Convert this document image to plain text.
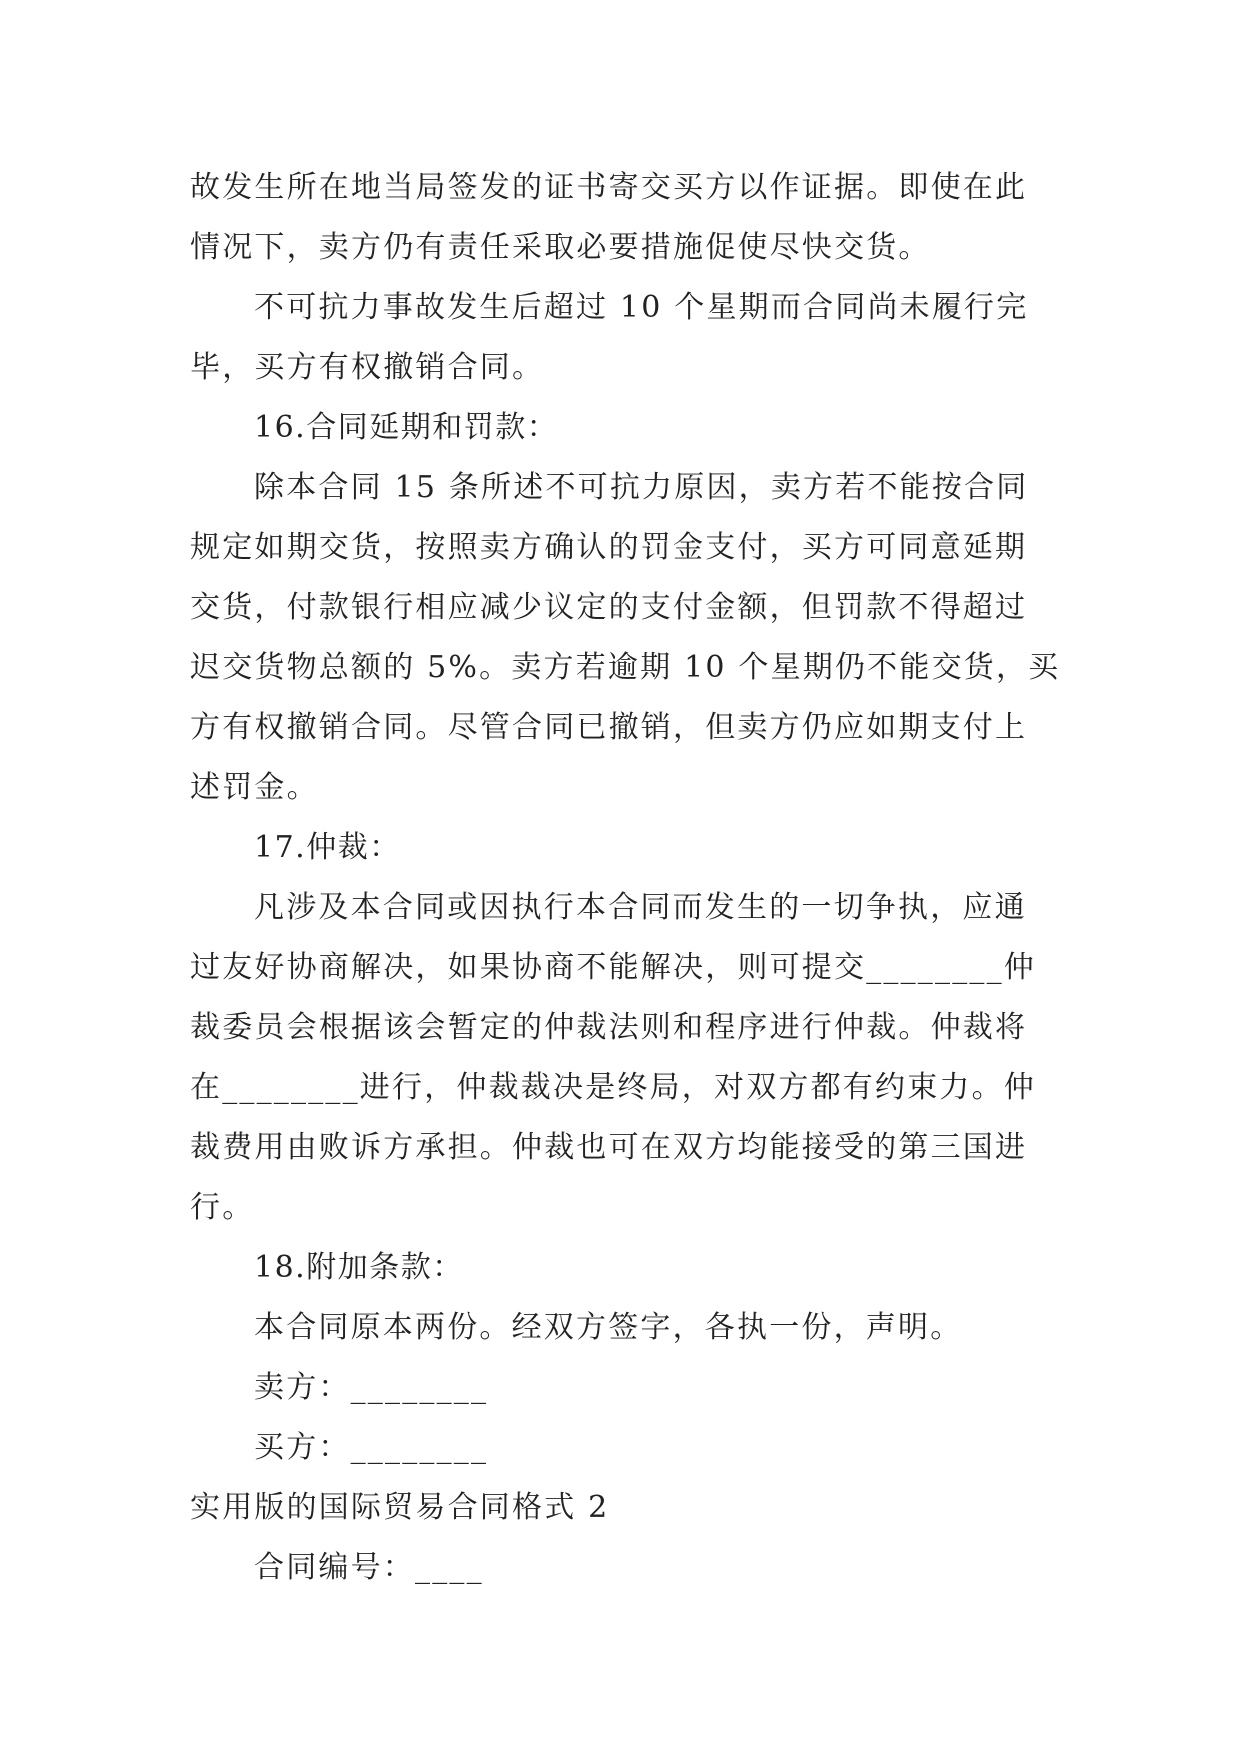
故发生所在地当局签发的证书寄交买方以作证据。即使在此
情况下，卖方仍有责任采取必要措施促使尽快交货。
不可抗力事故发生后超过 10 个星期而合同尚未履行完
毕，买方有权撤销合同。
16.合同延期和罚款：
除本合同 15 条所述不可抗力原因，卖方若不能按合同
规定如期交货，按照卖方确认的罚金支付，买方可同意延期
交货，付款银行相应减少议定的支付金额，但罚款不得超过
迟交货物总额的 5%。卖方若逾期 10 个星期仍不能交货，买
方有权撤销合同。尽管合同已撤销，但卖方仍应如期支付上
述罚金。
17.仲裁：
凡涉及本合同或因执行本合同而发生的一切争执，应通
过友好协商解决，如果协商不能解决，则可提交________仲
裁委员会根据该会暂定的仲裁法则和程序进行仲裁。仲裁将
在________进行，仲裁裁决是终局，对双方都有约束力。仲
裁费用由败诉方承担。仲裁也可在双方均能接受的第三国进
行。
18.附加条款：
本合同原本两份。经双方签字，各执一份，声明。
卖方：________
买方：________
实用版的国际贸易合同格式 2
合同编号：____
